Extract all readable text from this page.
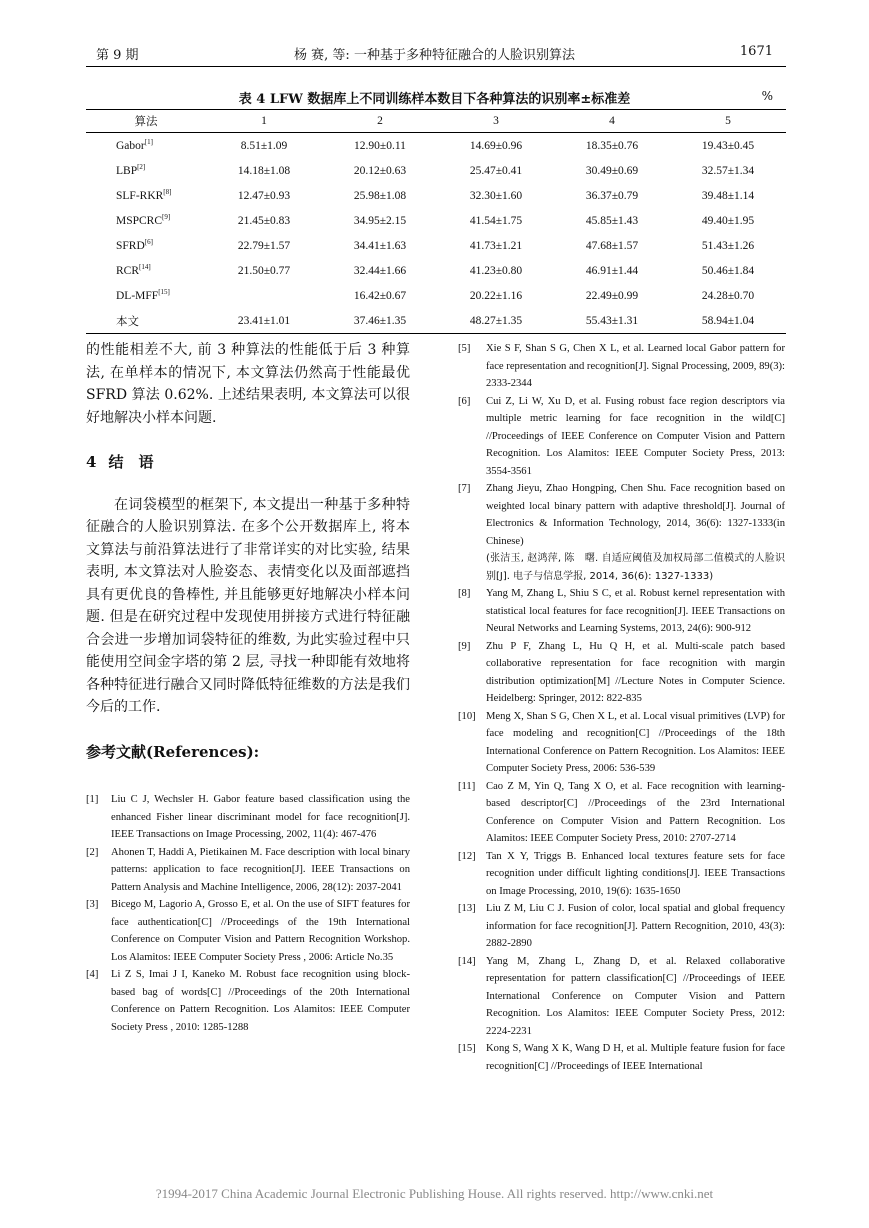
第 9 期	杨 赛, 等: 一种基于多种特征融合的人脸识别算法	1671
表 4 LFW 数据库上不同训练样本数目下各种算法的识别率±标准差	%
算法	1	2	3	4	5
Gabor[1]	8.51±1.09	12.90±0.11	14.69±0.96	18.35±0.76	19.43±0.45
LBP[2]	14.18±1.08	20.12±0.63	25.47±0.41	30.49±0.69	32.57±1.34
SLF-RKR[8]	12.47±0.93	25.98±1.08	32.30±1.60	36.37±0.79	39.48±1.14
MSPCRC[9]	21.45±0.83	34.95±2.15	41.54±1.75	45.85±1.43	49.40±1.95
SFRD[6]	22.79±1.57	34.41±1.63	41.73±1.21	47.68±1.57	51.43±1.26
RCR[14]	21.50±0.77	32.44±1.66	41.23±0.80	46.91±1.44	50.46±1.84
DL-MFF[15]		16.42±0.67	20.22±1.16	22.49±0.99	24.28±0.70
本文	23.41±1.01	37.46±1.35	48.27±1.35	55.43±1.31	58.94±1.04

的性能相差不大, 前 3 种算法的性能低于后 3 种算法, 在单样本的情况下, 本文算法仍然高于性能最优 SFRD 算法 0.62%. 上述结果表明, 本文算法可以很好地解决小样本问题.

4 结　语

在词袋模型的框架下, 本文提出一种基于多种特征融合的人脸识别算法. 在多个公开数据库上, 将本文算法与前沿算法进行了非常详实的对比实验, 结果表明, 本文算法对人脸姿态、表情变化以及面部遮挡具有更优良的鲁棒性, 并且能够更好地解决小样本问题. 但是在研究过程中发现使用拼接方式进行特征融合会进一步增加词袋特征的维数, 为此实验过程中只能使用空间金字塔的第 2 层, 寻找一种即能有效地将各种特征进行融合又同时降低特征维数的方法是我们今后的工作.

参考文献(References):

[1] Liu C J, Wechsler H. Gabor feature based classification using the enhanced Fisher linear discriminant model for face recognition[J]. IEEE Transactions on Image Processing, 2002, 11(4): 467-476
[2] Ahonen T, Haddi A, Pietikainen M. Face description with local binary patterns: application to face recognition[J]. IEEE Transactions on Pattern Analysis and Machine Intelligence, 2006, 28(12): 2037-2041
[3] Bicego M, Lagorio A, Grosso E, et al. On the use of SIFT features for face authentication[C] //Proceedings of the 19th International Conference on Computer Vision and Pattern Recognition Workshop. Los Alamitos: IEEE Computer Society Press , 2006: Article No.35
[4] Li Z S, Imai J I, Kaneko M. Robust face recognition using block-based bag of words[C] //Proceedings of the 20th International Conference on Pattern Recognition. Los Alamitos: IEEE Computer Society Press , 2010: 1285-1288
[5] Xie S F, Shan S G, Chen X L, et al. Learned local Gabor pattern for face representation and recognition[J]. Signal Processing, 2009, 89(3): 2333-2344
[6] Cui Z, Li W, Xu D, et al. Fusing robust face region descriptors via multiple metric learning for face recognition in the wild[C] //Proceedings of IEEE Conference on Computer Vision and Pattern Recognition. Los Alamitos: IEEE Computer Society Press, 2013: 3554-3561
[7] Zhang Jieyu, Zhao Hongping, Chen Shu. Face recognition based on weighted local binary pattern with adaptive threshold[J]. Journal of Electronics & Information Technology, 2014, 36(6): 1327-1333(in Chinese)
(张洁玉, 赵鸿萍, 陈　曙. 自适应阈值及加权局部二值模式的人脸识别[J]. 电子与信息学报, 2014, 36(6): 1327-1333)
[8] Yang M, Zhang L, Shiu S C, et al. Robust kernel representation with statistical local features for face recognition[J]. IEEE Transactions on Neural Networks and Learning Systems, 2013, 24(6): 900-912
[9] Zhu P F, Zhang L, Hu Q H, et al. Multi-scale patch based collaborative representation for face recognition with margin distribution optimization[M] //Lecture Notes in Computer Science. Heidelberg: Springer, 2012: 822-835
[10] Meng X, Shan S G, Chen X L, et al. Local visual primitives (LVP) for face modeling and recognition[C] //Proceedings of the 18th International Conference on Pattern Recognition. Los Alamitos: IEEE Computer Society Press, 2006: 536-539
[11] Cao Z M, Yin Q, Tang X O, et al. Face recognition with learning-based descriptor[C] //Proceedings of the 23rd International Conference on Computer Vision and Pattern Recognition. Los Alamitos: IEEE Computer Society Press, 2010: 2707-2714
[12] Tan X Y, Triggs B. Enhanced local textures feature sets for face recognition under difficult lighting conditions[J]. IEEE Transactions on Image Processing, 2010, 19(6): 1635-1650
[13] Liu Z M, Liu C J. Fusion of color, local spatial and global frequency information for face recognition[J]. Pattern Recognition, 2010, 43(3): 2882-2890
[14] Yang M, Zhang L, Zhang D, et al. Relaxed collaborative representation for pattern classification[C] //Proceedings of IEEE International Conference on Computer Vision and Pattern Recognition. Los Alamitos: IEEE Computer Society Press, 2012: 2224-2231
[15] Kong S, Wang X K, Wang D H, et al. Multiple feature fusion for face recognition[C] //Proceedings of IEEE International
?1994-2017 China Academic Journal Electronic Publishing House. All rights reserved. http://www.cnki.net
